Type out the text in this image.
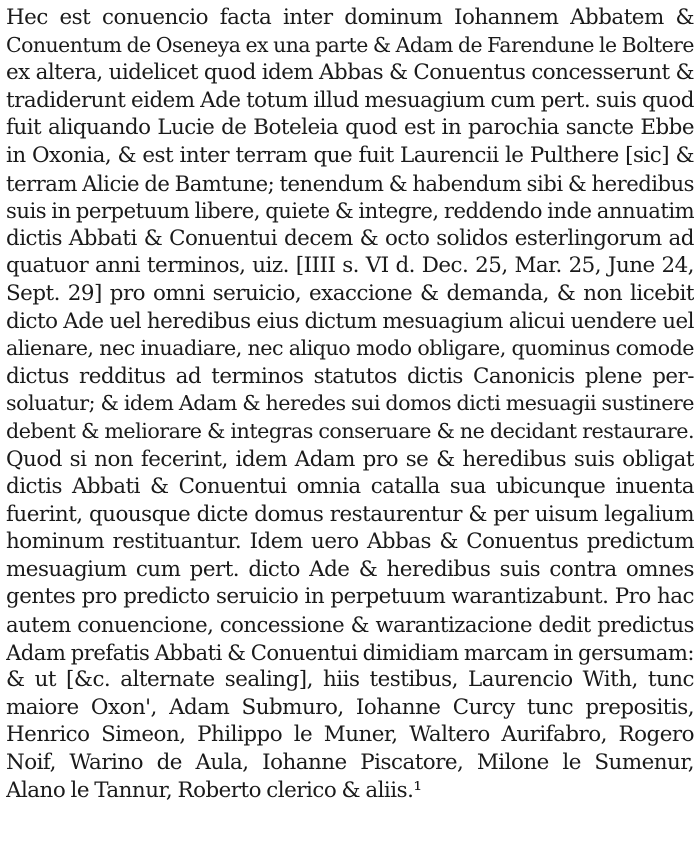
Hec est conuencio facta inter dominum Iohannem Abbatem &
Conuentum de Oseneya ex una parte & Adam de Farendune le Boltere
ex altera, uidelicet quod idem Abbas & Conuentus concesserunt &
tradiderunt eidem Ade totum illud mesuagium cum pert. suis quod
fuit aliquando Lucie de Boteleia quod est in parochia sancte Ebbe
in Oxonia, & est inter terram que fuit Laurencii le Pulthere [sic] &
terram Alicie de Bamtune; tenendum & habendum sibi & heredibus
suis in perpetuum libere, quiete & integre, reddendo inde annuatim
dictis Abbati & Conuentui decem & octo solidos esterlingorum ad
quatuor anni terminos, uiz. [IIII s. VI d. Dec. 25, Mar. 25, June 24,
Sept. 29] pro omni seruicio, exaccione & demanda, & non licebit
dicto Ade uel heredibus eius dictum mesuagium alicui uendere uel
alienare, nec inuadiare, nec aliquo modo obligare, quominus comode
dictus redditus ad terminos statutos dictis Canonicis plene per-
soluatur; & idem Adam & heredes sui domos dicti mesuagii sustinere
debent & meliorare & integras conseruare & ne decidant restaurare.
Quod si non fecerint, idem Adam pro se & heredibus suis obligat
dictis Abbati & Conuentui omnia catalla sua ubicunque inuenta
fuerint, quousque dicte domus restaurentur & per uisum legalium
hominum restituantur. Idem uero Abbas & Conuentus predictum
mesuagium cum pert. dicto Ade & heredibus suis contra omnes
gentes pro predicto seruicio in perpetuum warantizabunt. Pro hac
autem conuencione, concessione & warantizacione dedit predictus
Adam prefatis Abbati & Conuentui dimidiam marcam in gersumam:
& ut [&c. alternate sealing], hiis testibus, Laurencio With, tunc
maiore Oxon', Adam Submuro, Iohanne Curcy tunc prepositis,
Henrico Simeon, Philippo le Muner, Waltero Aurifabro, Rogero
Noif, Warino de Aula, Iohanne Piscatore, Milone le Sumenur,
Alano le Tannur, Roberto clerico & aliis.¹
